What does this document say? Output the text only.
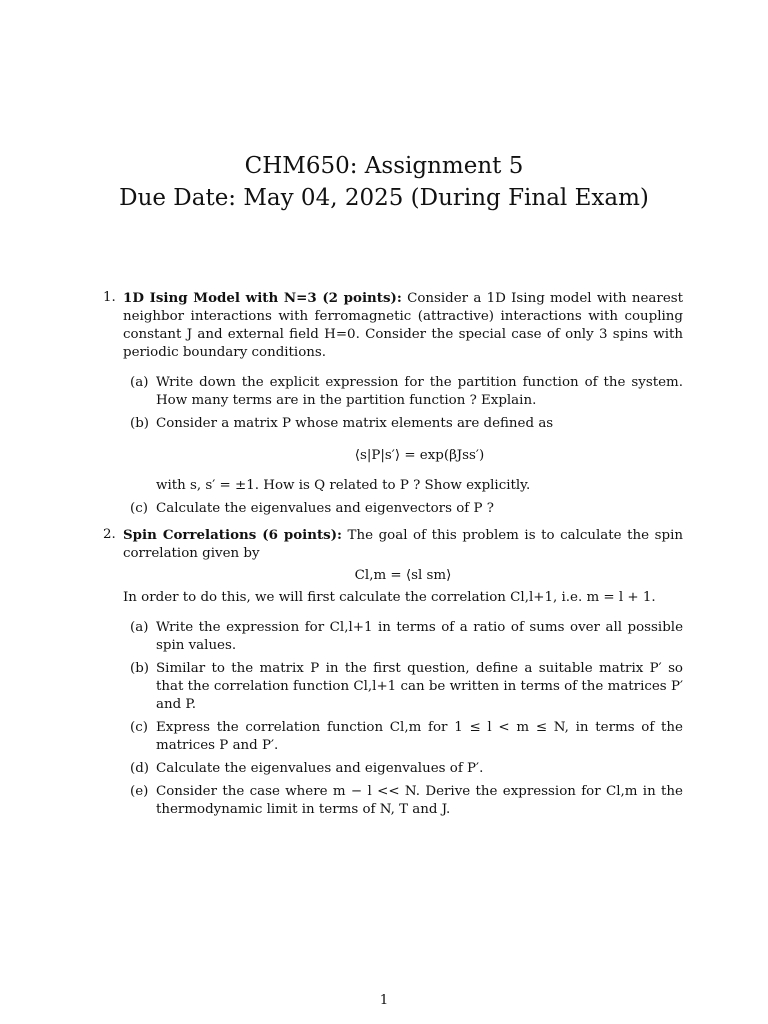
CHM650: Assignment 5
Due Date: May 04, 2025 (During Final Exam)
1. 1D Ising Model with N=3 (2 points): Consider a 1D Ising model with nearest neighbor interactions with ferromagnetic (attractive) interactions with coupling constant J and external field H=0. Consider the special case of only 3 spins with periodic boundary conditions.
(a) Write down the explicit expression for the partition function of the system. How many terms are in the partition function ? Explain.
(b) Consider a matrix P whose matrix elements are defined as
⟨s|P|s′⟩ = exp(βJss′)
with s, s′ = ±1. How is Q related to P ? Show explicitly.
(c) Calculate the eigenvalues and eigenvectors of P ?
2. Spin Correlations (6 points): The goal of this problem is to calculate the spin correlation given by
Cl,m = ⟨sl sm⟩
In order to do this, we will first calculate the correlation Cl,l+1, i.e. m = l + 1.
(a) Write the expression for Cl,l+1 in terms of a ratio of sums over all possible spin values.
(b) Similar to the matrix P in the first question, define a suitable matrix P′ so that the correlation function Cl,l+1 can be written in terms of the matrices P′ and P.
(c) Express the correlation function Cl,m for 1 ≤ l < m ≤ N, in terms of the matrices P and P′.
(d) Calculate the eigenvalues and eigenvalues of P′.
(e) Consider the case where m − l << N. Derive the expression for Cl,m in the thermodynamic limit in terms of N, T and J.
1
